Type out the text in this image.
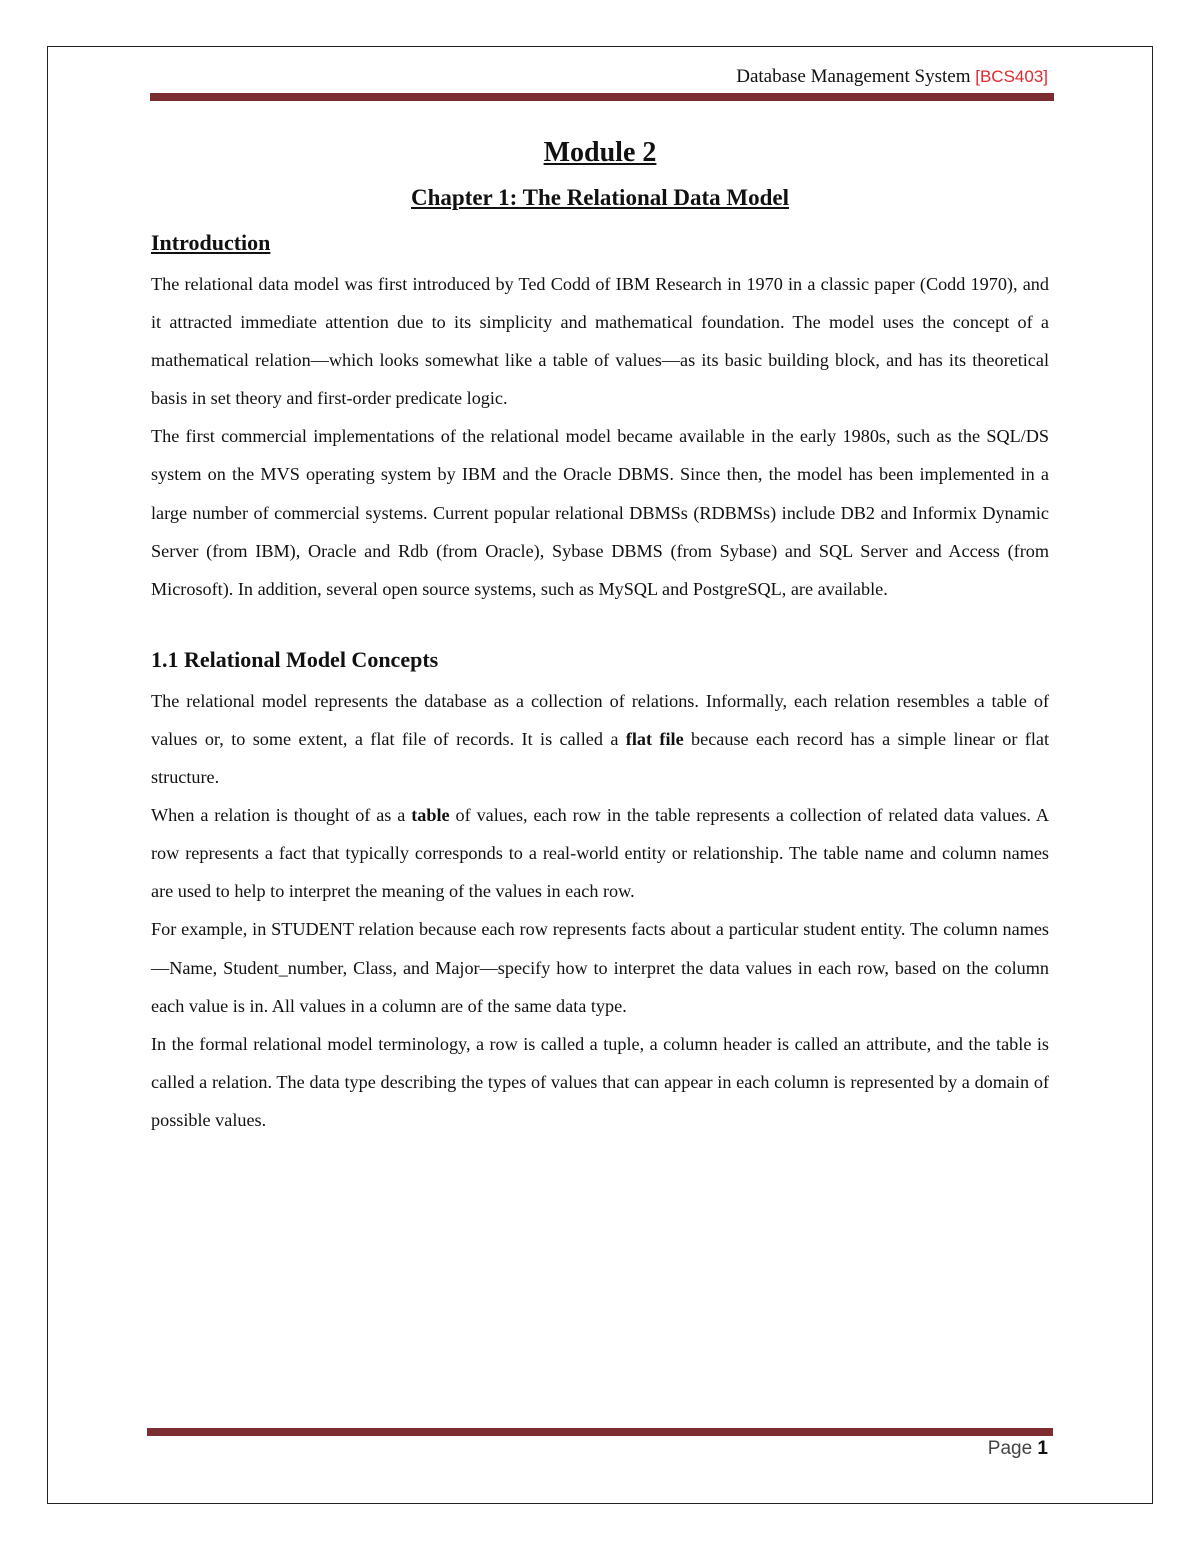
Database Management System [BCS403]
Module 2
Chapter 1: The Relational Data Model
Introduction

The relational data model was first introduced by Ted Codd of IBM Research in 1970 in a classic paper (Codd 1970), and it attracted immediate attention due to its simplicity and mathematical foundation. The model uses the concept of a mathematical relation—which looks somewhat like a table of values—as its basic building block, and has its theoretical basis in set theory and first-order predicate logic.

The first commercial implementations of the relational model became available in the early 1980s, such as the SQL/DS system on the MVS operating system by IBM and the Oracle DBMS. Since then, the model has been implemented in a large number of commercial systems. Current popular relational DBMSs (RDBMSs) include DB2 and Informix Dynamic Server (from IBM), Oracle and Rdb (from Oracle), Sybase DBMS (from Sybase) and SQL Server and Access (from Microsoft). In addition, several open source systems, such as MySQL and PostgreSQL, are available.

1.1 Relational Model Concepts

The relational model represents the database as a collection of relations. Informally, each relation resembles a table of values or, to some extent, a flat file of records. It is called a flat file because each record has a simple linear or flat structure.

When a relation is thought of as a table of values, each row in the table represents a collection of related data values. A row represents a fact that typically corresponds to a real-world entity or relationship. The table name and column names are used to help to interpret the meaning of the values in each row.

For example, in STUDENT relation because each row represents facts about a particular student entity. The column names—Name, Student_number, Class, and Major—specify how to interpret the data values in each row, based on the column each value is in. All values in a column are of the same data type.

In the formal relational model terminology, a row is called a tuple, a column header is called an attribute, and the table is called a relation. The data type describing the types of values that can appear in each column is represented by a domain of possible values.

Page 1
